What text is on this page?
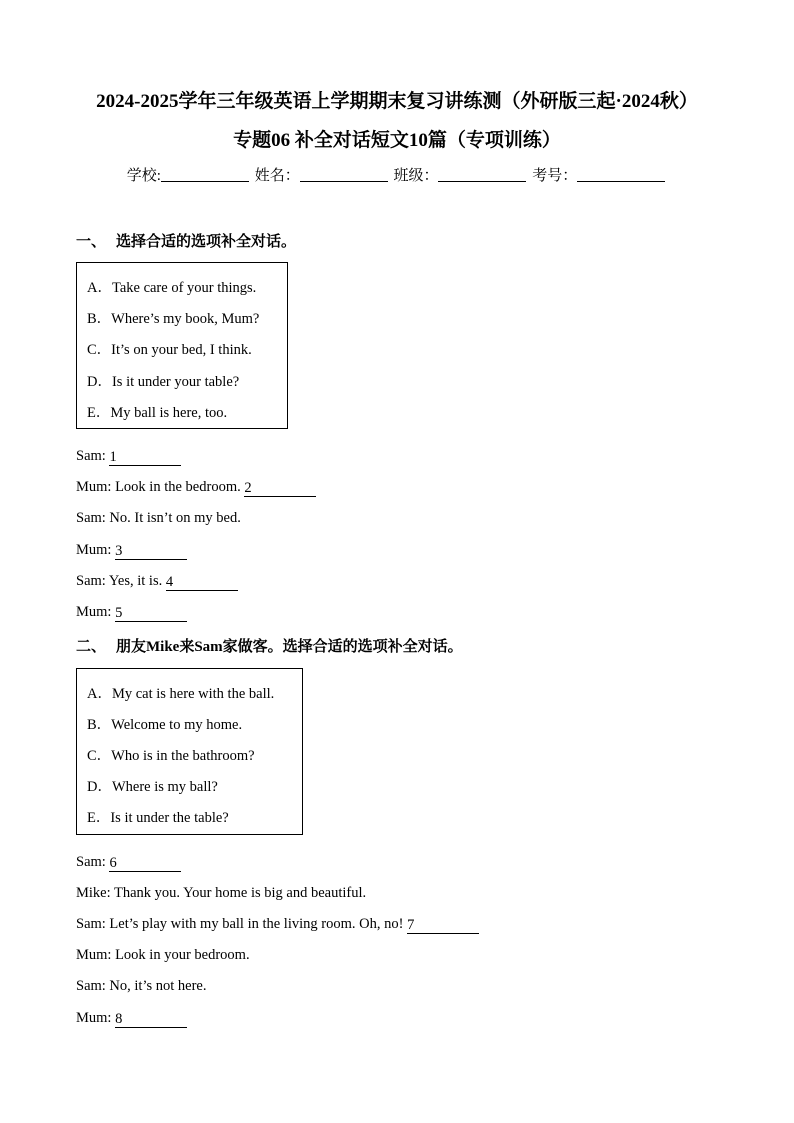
2024-2025学年三年级英语上学期期末复习讲练测（外研版三起·2024秋）
专题06 补全对话短文10篇（专项训练）
学校:	姓名：	班级：	考号：
一、 选择合适的选项补全对话。
A．Take care of your things.
B．Where’s my book, Mum?
C．It’s on your bed, I think.
D．Is it under your table?
E．My ball is here, too.
Sam: 1
Mum: Look in the bedroom. 2
Sam: No. It isn’t on my bed.
Mum: 3
Sam: Yes, it is. 4
Mum: 5
二、 朋友Mike来Sam家做客。选择合适的选项补全对话。
A．My cat is here with the ball.
B．Welcome to my home.
C．Who is in the bathroom?
D．Where is my ball?
E．Is it under the table?
Sam: 6
Mike: Thank you. Your home is big and beautiful.
Sam: Let’s play with my ball in the living room. Oh, no! 7
Mum: Look in your bedroom.
Sam: No, it’s not here.
Mum: 8
